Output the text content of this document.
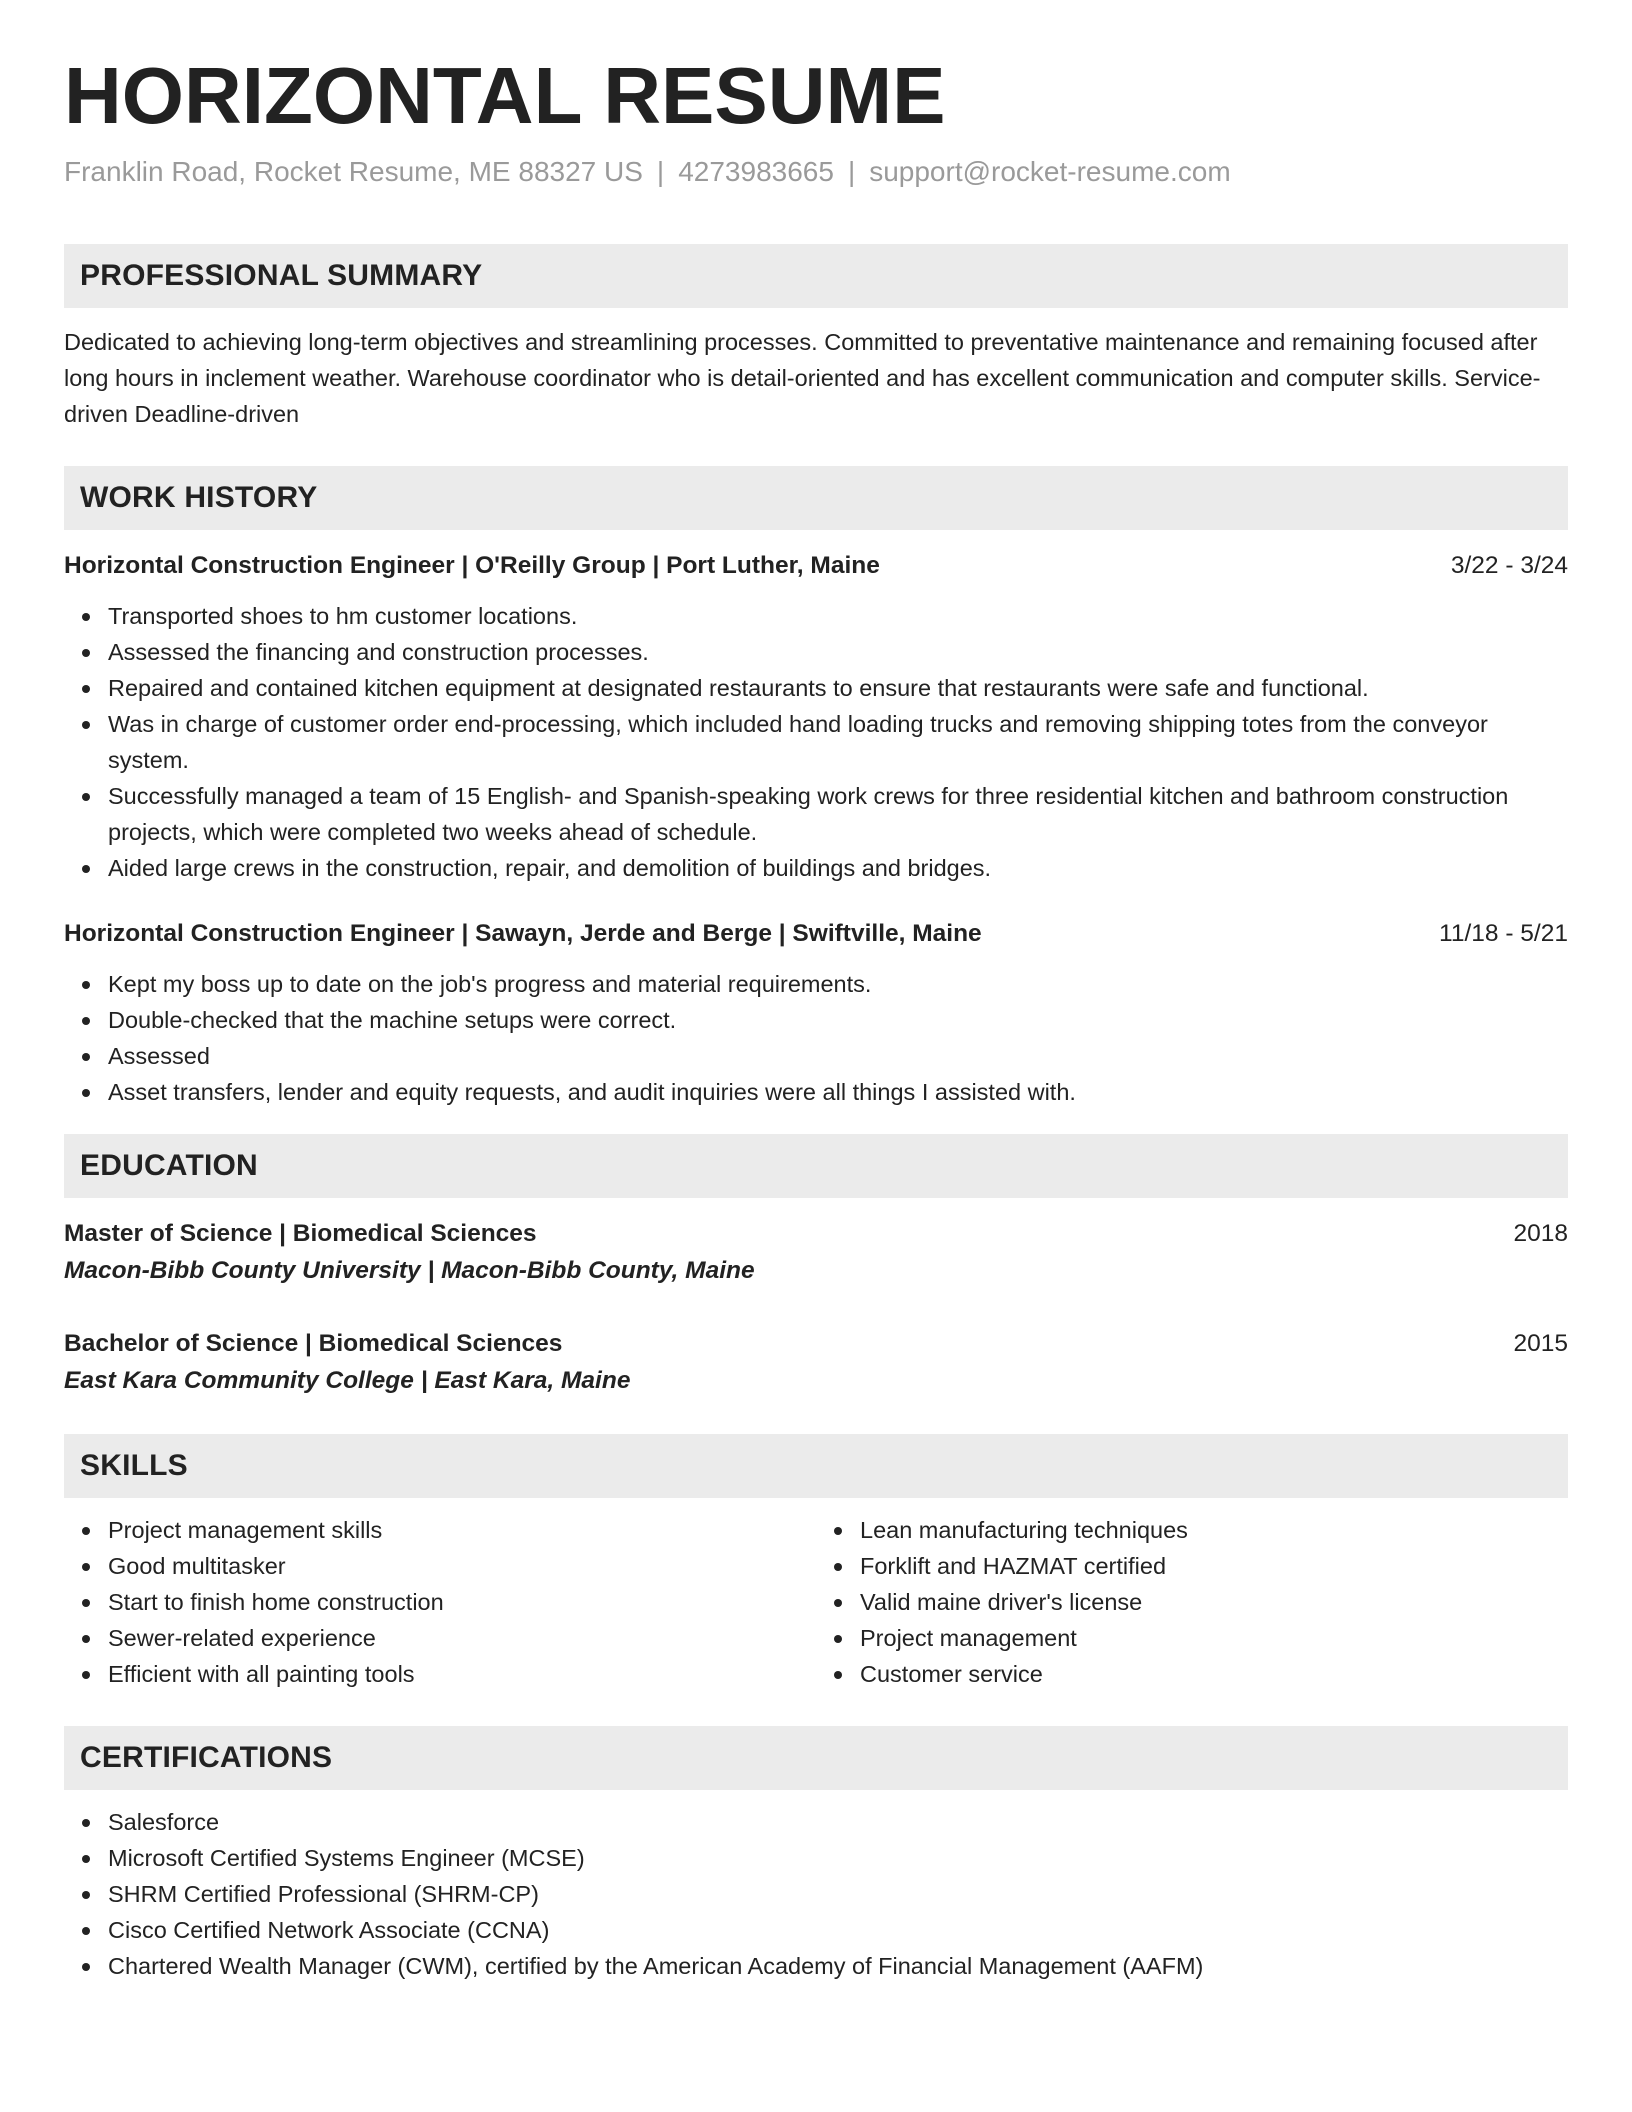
HORIZONTAL RESUME
Franklin Road, Rocket Resume, ME 88327 US | 4273983665 | support@rocket-resume.com
PROFESSIONAL SUMMARY
Dedicated to achieving long-term objectives and streamlining processes. Committed to preventative maintenance and remaining focused after long hours in inclement weather. Warehouse coordinator who is detail-oriented and has excellent communication and computer skills. Service-driven Deadline-driven
WORK HISTORY
Horizontal Construction Engineer | O'Reilly Group | Port Luther, Maine	3/22 - 3/24
Transported shoes to hm customer locations.
Assessed the financing and construction processes.
Repaired and contained kitchen equipment at designated restaurants to ensure that restaurants were safe and functional.
Was in charge of customer order end-processing, which included hand loading trucks and removing shipping totes from the conveyor system.
Successfully managed a team of 15 English- and Spanish-speaking work crews for three residential kitchen and bathroom construction projects, which were completed two weeks ahead of schedule.
Aided large crews in the construction, repair, and demolition of buildings and bridges.
Horizontal Construction Engineer | Sawayn, Jerde and Berge | Swiftville, Maine	11/18 - 5/21
Kept my boss up to date on the job's progress and material requirements.
Double-checked that the machine setups were correct.
Assessed
Asset transfers, lender and equity requests, and audit inquiries were all things I assisted with.
EDUCATION
Master of Science | Biomedical Sciences	2018
Macon-Bibb County University | Macon-Bibb County, Maine
Bachelor of Science | Biomedical Sciences	2015
East Kara Community College | East Kara, Maine
SKILLS
Project management skills
Good multitasker
Start to finish home construction
Sewer-related experience
Efficient with all painting tools
Lean manufacturing techniques
Forklift and HAZMAT certified
Valid maine driver's license
Project management
Customer service
CERTIFICATIONS
Salesforce
Microsoft Certified Systems Engineer (MCSE)
SHRM Certified Professional (SHRM-CP)
Cisco Certified Network Associate (CCNA)
Chartered Wealth Manager (CWM), certified by the American Academy of Financial Management (AAFM)
